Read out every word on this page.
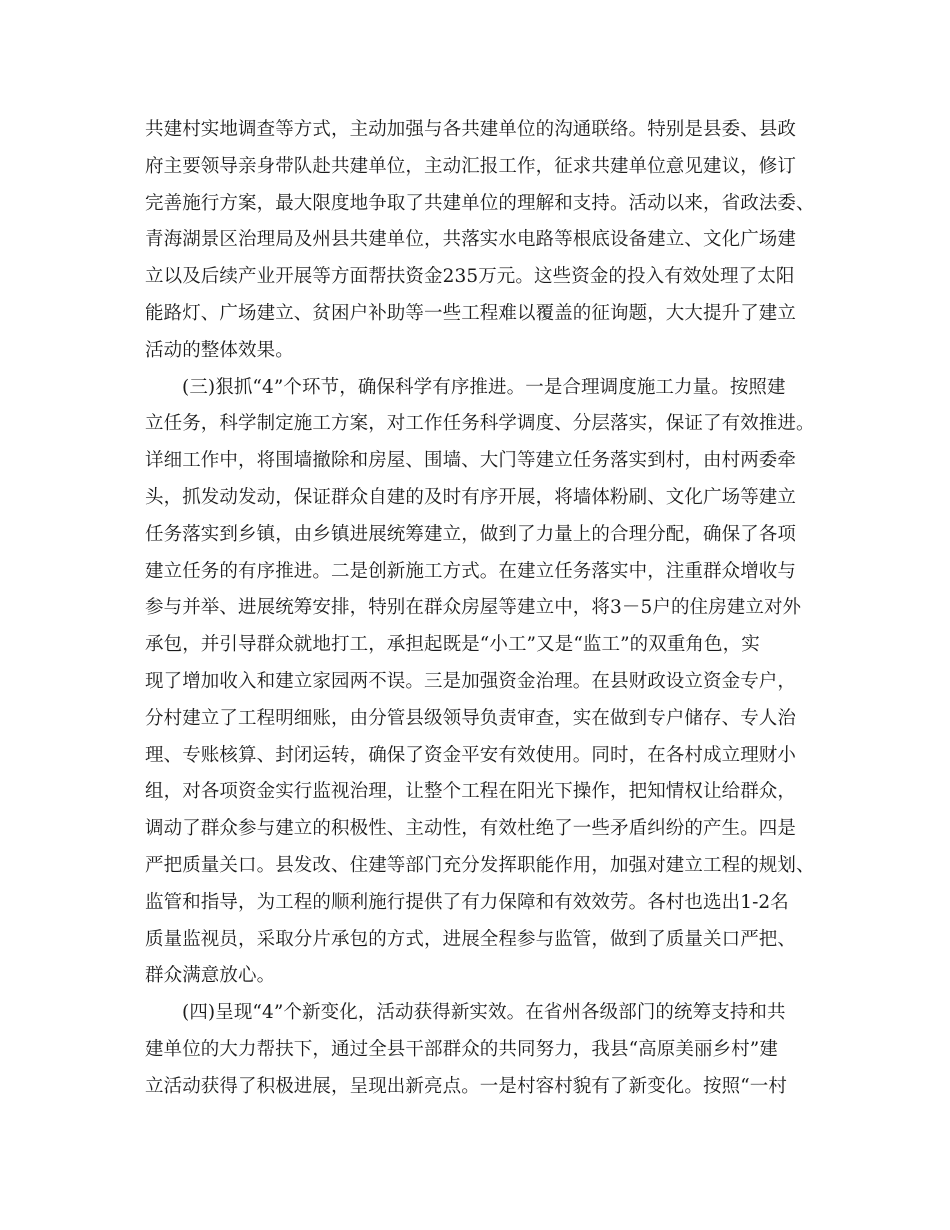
共建村实地调查等方式，主动加强与各共建单位的沟通联络。特别是县委、县政
府主要领导亲身带队赴共建单位，主动汇报工作，征求共建单位意见建议，修订
完善施行方案，最大限度地争取了共建单位的理解和支持。活动以来，省政法委、
青海湖景区治理局及州县共建单位，共落实水电路等根底设备建立、文化广场建
立以及后续产业开展等方面帮扶资金235万元。这些资金的投入有效处理了太阳
能路灯、广场建立、贫困户补助等一些工程难以覆盖的征询题，大大提升了建立
活动的整体效果。
(三)狠抓“4”个环节，确保科学有序推进。一是合理调度施工力量。按照建
立任务，科学制定施工方案，对工作任务科学调度、分层落实，保证了有效推进。
详细工作中，将围墙撤除和房屋、围墙、大门等建立任务落实到村，由村两委牵
头，抓发动发动，保证群众自建的及时有序开展，将墙体粉刷、文化广场等建立
任务落实到乡镇，由乡镇进展统筹建立，做到了力量上的合理分配，确保了各项
建立任务的有序推进。二是创新施工方式。在建立任务落实中，注重群众增收与
参与并举、进展统筹安排，特别在群众房屋等建立中，将3－5户的住房建立对外
承包，并引导群众就地打工，承担起既是“小工”又是“监工”的双重角色，实
现了增加收入和建立家园两不误。三是加强资金治理。在县财政设立资金专户，
分村建立了工程明细账，由分管县级领导负责审查，实在做到专户储存、专人治
理、专账核算、封闭运转，确保了资金平安有效使用。同时，在各村成立理财小
组，对各项资金实行监视治理，让整个工程在阳光下操作，把知情权让给群众，
调动了群众参与建立的积极性、主动性，有效杜绝了一些矛盾纠纷的产生。四是
严把质量关口。县发改、住建等部门充分发挥职能作用，加强对建立工程的规划、
监管和指导，为工程的顺利施行提供了有力保障和有效效劳。各村也选出1-2名
质量监视员，采取分片承包的方式，进展全程参与监管，做到了质量关口严把、
群众满意放心。
(四)呈现“4”个新变化，活动获得新实效。在省州各级部门的统筹支持和共
建单位的大力帮扶下，通过全县干部群众的共同努力，我县“高原美丽乡村”建
立活动获得了积极进展，呈现出新亮点。一是村容村貌有了新变化。按照“一村
